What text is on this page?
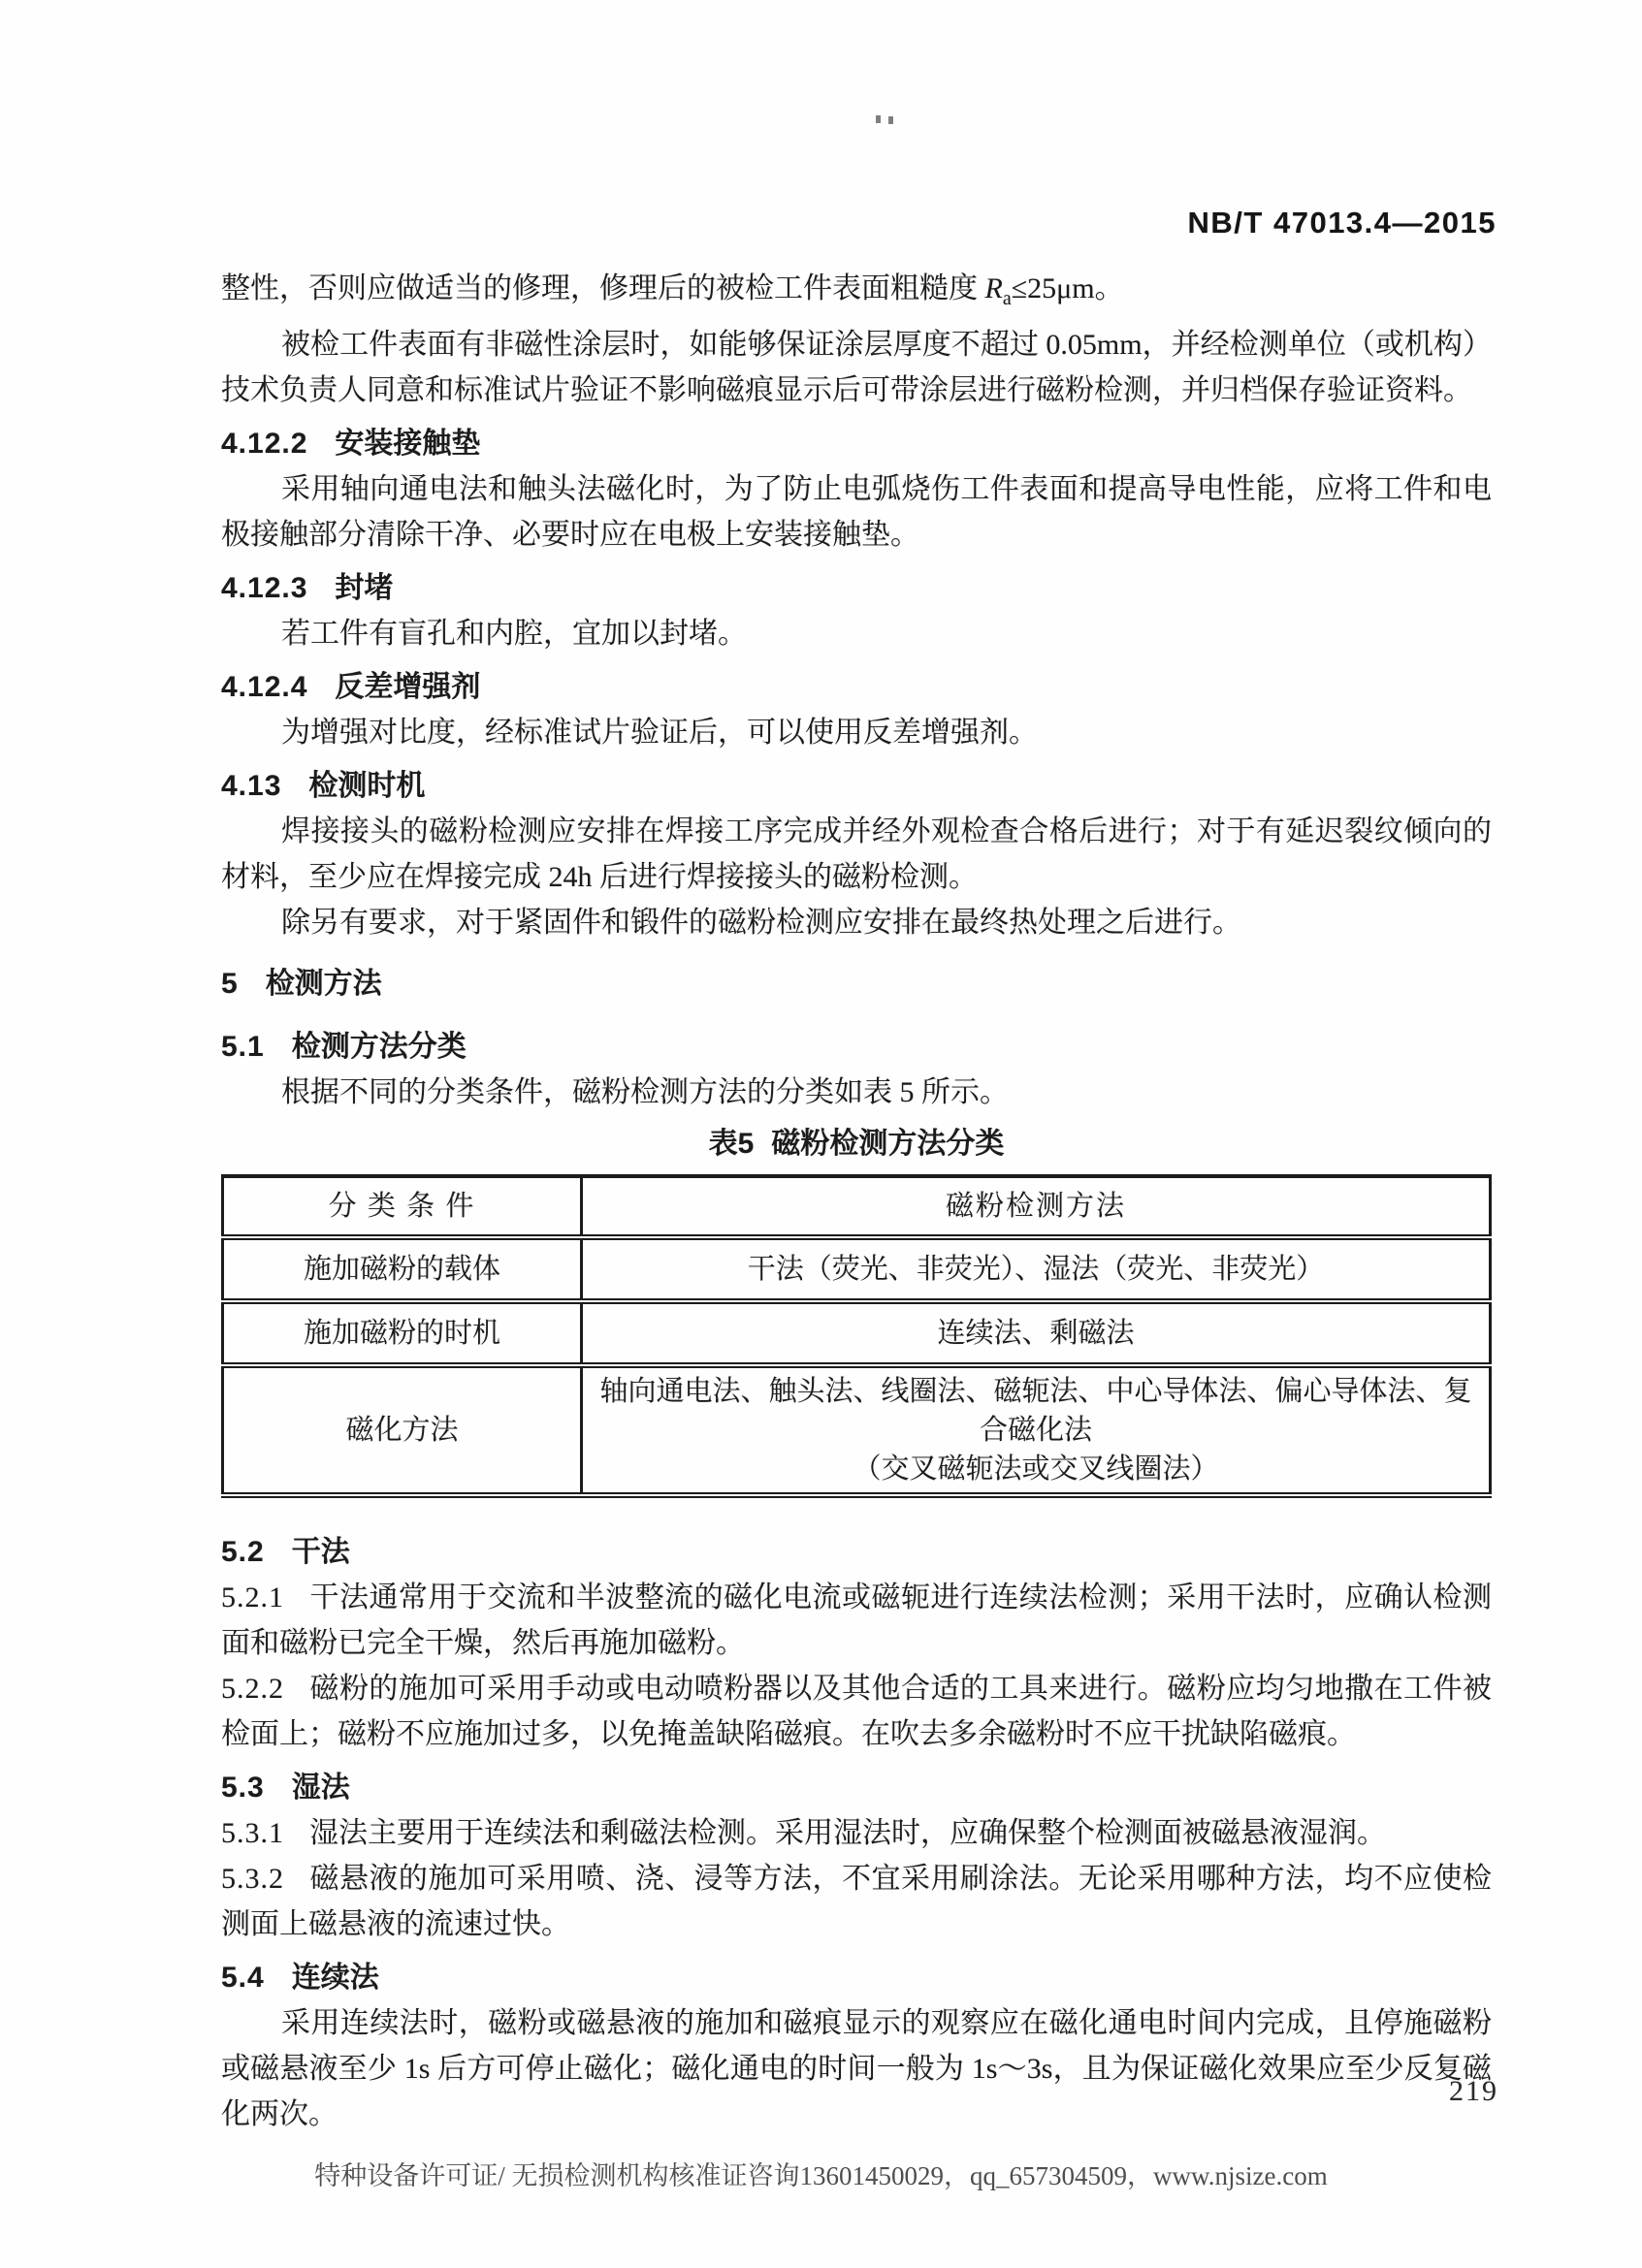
NB/T 47013.4—2015

整性，否则应做适当的修理，修理后的被检工件表面粗糙度 $R_a\le 25\mu m$。

被检工件表面有非磁性涂层时，如能够保证涂层厚度不超过 0.05mm，并经检测单位（或机构）技术负责人同意和标准试片验证不影响磁痕显示后可带涂层进行磁粉检测，并归档保存验证资料。

4.12.2 安装接触垫

采用轴向通电法和触头法磁化时，为了防止电弧烧伤工件表面和提高导电性能，应将工件和电极接触部分清除干净、必要时应在电极上安装接触垫。

4.12.3 封堵

若工件有盲孔和内腔，宜加以封堵。

4.12.4 反差增强剂

为增强对比度，经标准试片验证后，可以使用反差增强剂。

4.13 检测时机

焊接接头的磁粉检测应安排在焊接工序完成并经外观检查合格后进行；对于有延迟裂纹倾向的材料，至少应在焊接完成 24h 后进行焊接接头的磁粉检测。

除另有要求，对于紧固件和锻件的磁粉检测应安排在最终热处理之后进行。

5 检测方法
5.1 检测方法分类

根据不同的分类条件，磁粉检测方法的分类如表 5 所示。

表5 磁粉检测方法分类
分 类 条 件	磁粉检测方法
施加磁粉的载体	干法（荧光、非荧光）、湿法（荧光、非荧光）
施加磁粉的时机	连续法、剩磁法
磁化方法	轴向通电法、触头法、线圈法、磁轭法、中心导体法、偏心导体法、复合磁化法
（交叉磁轭法或交叉线圈法）
5.2 干法

5.2.1 干法通常用于交流和半波整流的磁化电流或磁轭进行连续法检测；采用干法时，应确认检测面和磁粉已完全干燥，然后再施加磁粉。

5.2.2 磁粉的施加可采用手动或电动喷粉器以及其他合适的工具来进行。磁粉应均匀地撒在工件被检面上；磁粉不应施加过多，以免掩盖缺陷磁痕。在吹去多余磁粉时不应干扰缺陷磁痕。

5.3 湿法

5.3.1 湿法主要用于连续法和剩磁法检测。采用湿法时，应确保整个检测面被磁悬液湿润。

5.3.2 磁悬液的施加可采用喷、浇、浸等方法，不宜采用刷涂法。无论采用哪种方法，均不应使检测面上磁悬液的流速过快。

5.4 连续法

采用连续法时，磁粉或磁悬液的施加和磁痕显示的观察应在磁化通电时间内完成，且停施磁粉或磁悬液至少 1s 后方可停止磁化；磁化通电的时间一般为 1s～3s，且为保证磁化效果应至少反复磁化两次。

219
特种设备许可证/ 无损检测机构核准证咨询13601450029，qq_657304509，www.njsize.com
